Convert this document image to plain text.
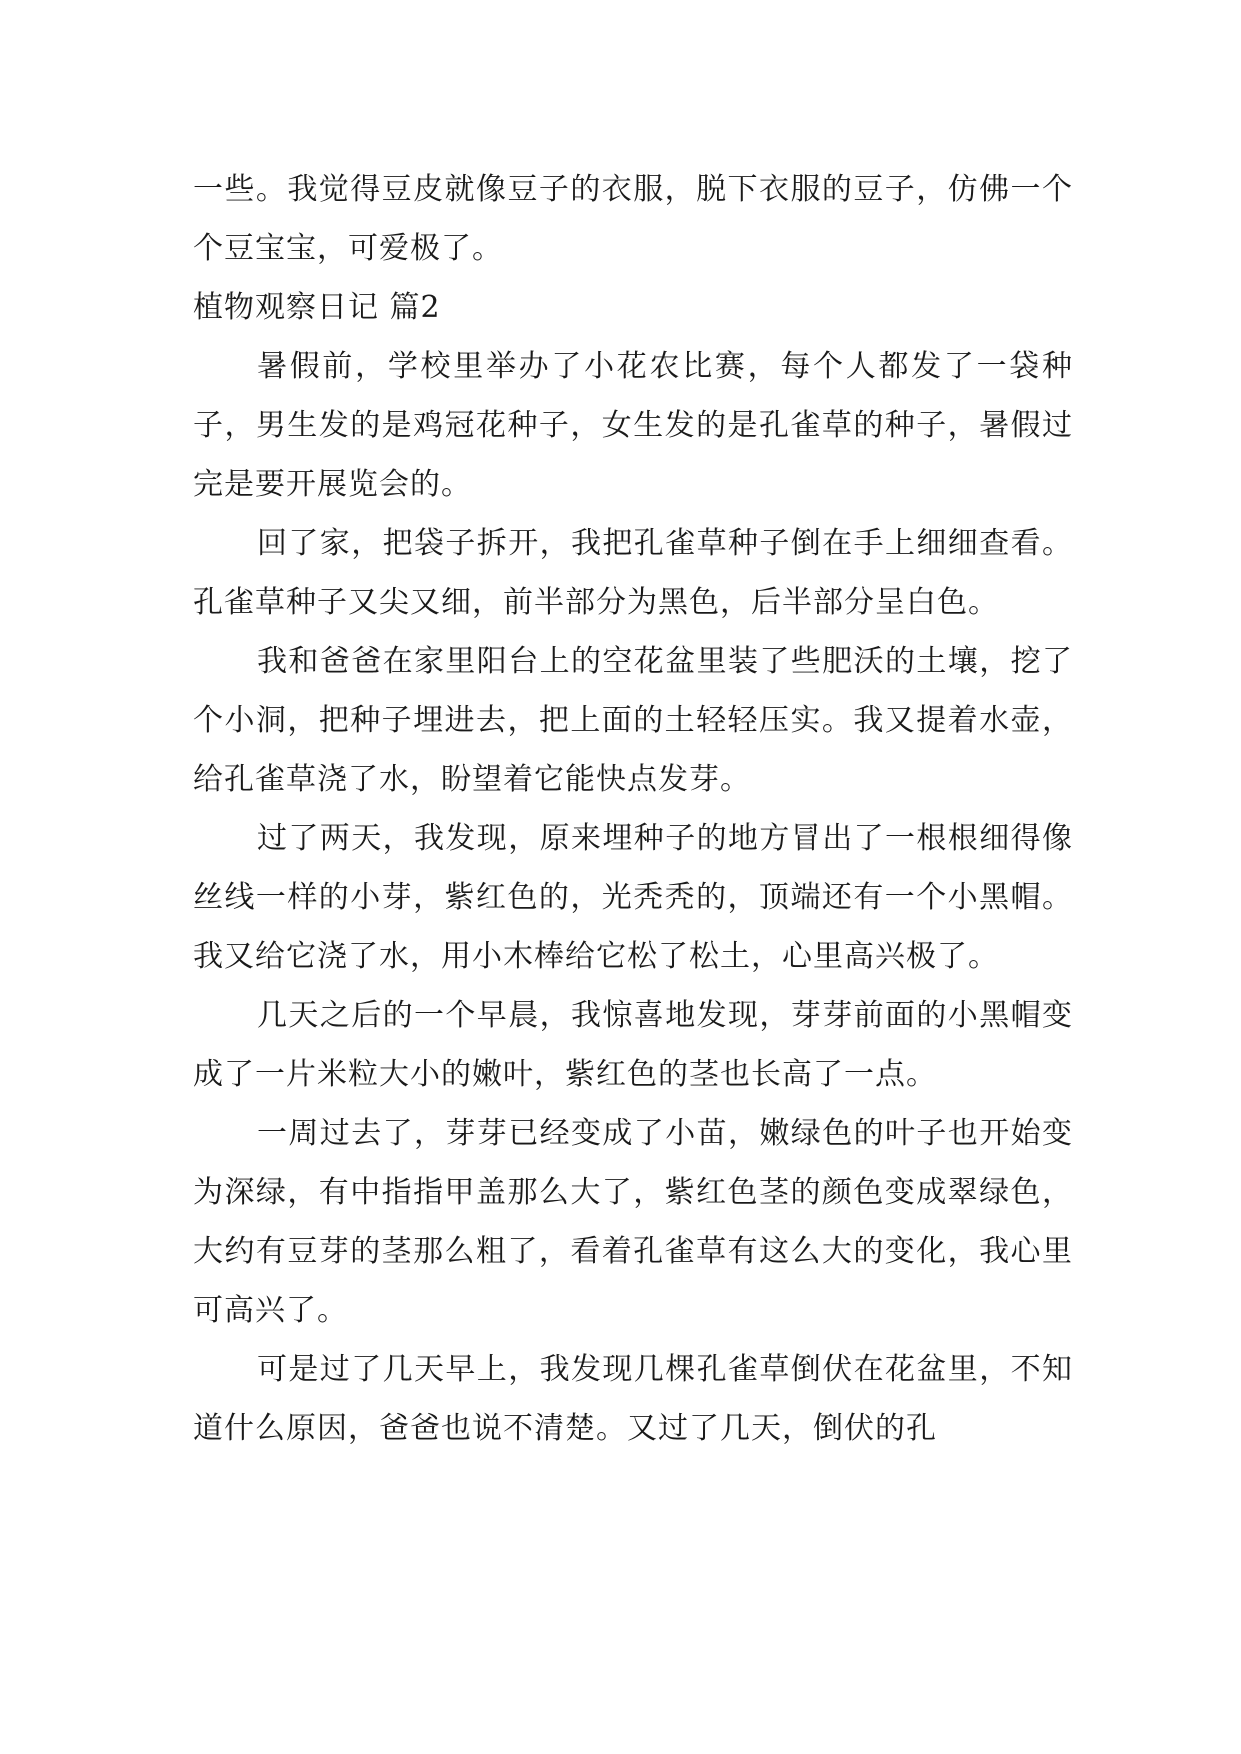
一些。我觉得豆皮就像豆子的衣服，脱下衣服的豆子，仿佛一个个豆宝宝，可爱极了。

植物观察日记 篇2

暑假前，学校里举办了小花农比赛，每个人都发了一袋种子，男生发的是鸡冠花种子，女生发的是孔雀草的种子，暑假过完是要开展览会的。

回了家，把袋子拆开，我把孔雀草种子倒在手上细细查看。孔雀草种子又尖又细，前半部分为黑色，后半部分呈白色。

我和爸爸在家里阳台上的空花盆里装了些肥沃的土壤，挖了个小洞，把种子埋进去，把上面的土轻轻压实。我又提着水壶，给孔雀草浇了水，盼望着它能快点发芽。

过了两天，我发现，原来埋种子的地方冒出了一根根细得像丝线一样的小芽，紫红色的，光秃秃的，顶端还有一个小黑帽。我又给它浇了水，用小木棒给它松了松土，心里高兴极了。

几天之后的一个早晨，我惊喜地发现，芽芽前面的小黑帽变成了一片米粒大小的嫩叶，紫红色的茎也长高了一点。

一周过去了，芽芽已经变成了小苗，嫩绿色的叶子也开始变为深绿，有中指指甲盖那么大了，紫红色茎的颜色变成翠绿色，大约有豆芽的茎那么粗了，看着孔雀草有这么大的变化，我心里可高兴了。

可是过了几天早上，我发现几棵孔雀草倒伏在花盆里，不知道什么原因，爸爸也说不清楚。又过了几天，倒伏的孔
